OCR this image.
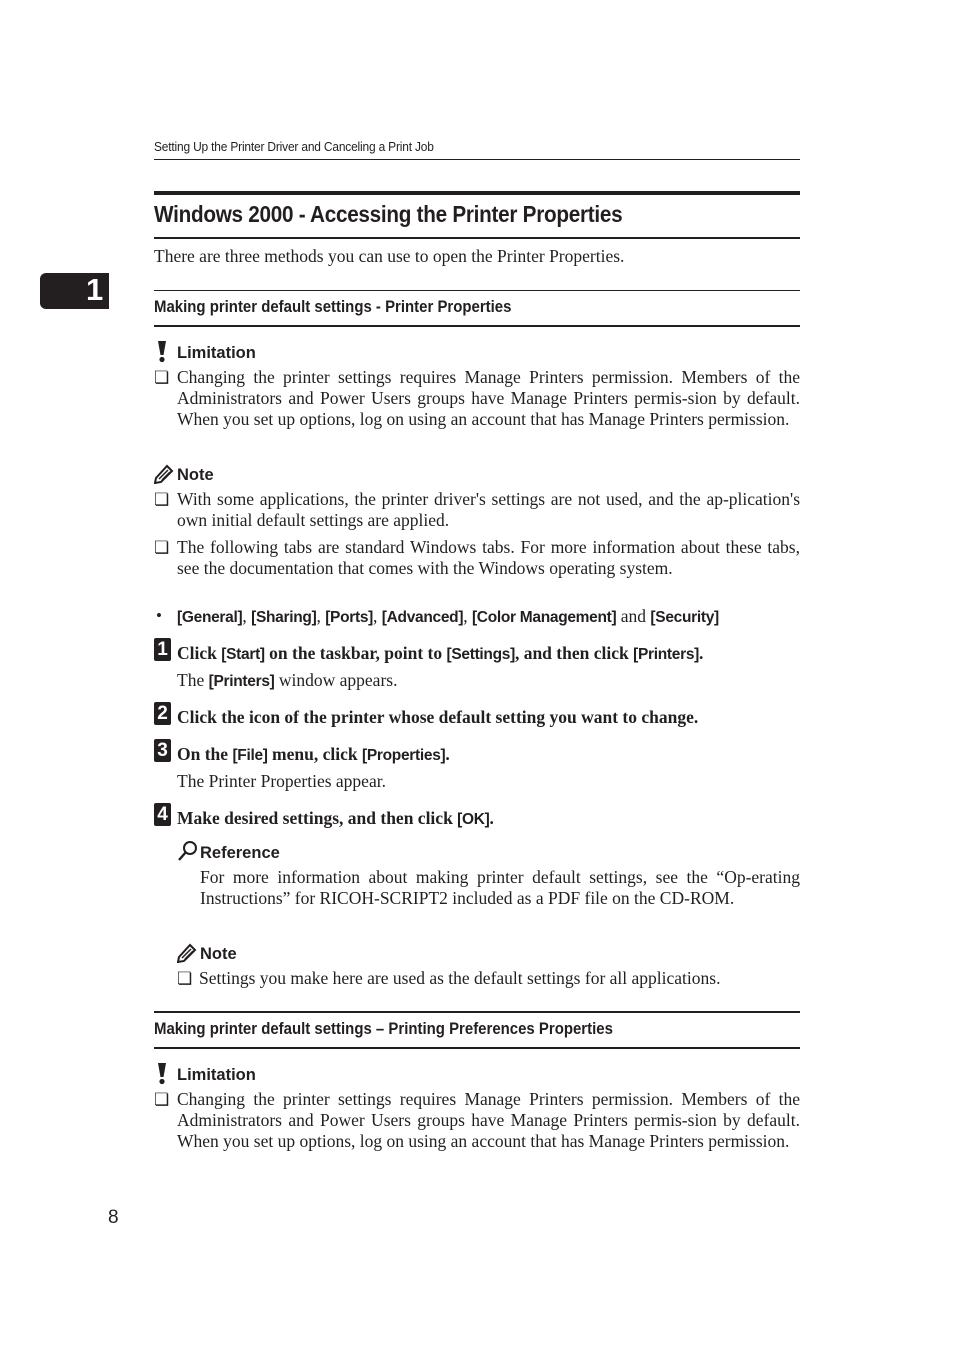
Setting Up the Printer Driver and Canceling a Print Job
1
Windows 2000 - Accessing the Printer Properties
There are three methods you can use to open the Printer Properties.
Making printer default settings - Printer Properties
Limitation
❏ Changing the printer settings requires Manage Printers permission. Members of the Administrators and Power Users groups have Manage Printers permis-sion by default. When you set up options, log on using an account that has Manage Printers permission.
Note
❏ With some applications, the printer driver's settings are not used, and the ap-plication's own initial default settings are applied.
❏ The following tabs are standard Windows tabs. For more information about these tabs, see the documentation that comes with the Windows operating system.
• [General], [Sharing], [Ports], [Advanced], [Color Management] and [Security]
1 Click [Start] on the taskbar, point to [Settings], and then click [Printers].
The [Printers] window appears.
2 Click the icon of the printer whose default setting you want to change.
3 On the [File] menu, click [Properties].
The Printer Properties appear.
4 Make desired settings, and then click [OK].
Reference
For more information about making printer default settings, see the “Op-erating Instructions” for RICOH-SCRIPT2 included as a PDF file on the CD-ROM.
Note
❏ Settings you make here are used as the default settings for all applications.
Making printer default settings – Printing Preferences Properties
Limitation
❏ Changing the printer settings requires Manage Printers permission. Members of the Administrators and Power Users groups have Manage Printers permis-sion by default. When you set up options, log on using an account that has Manage Printers permission.
8
